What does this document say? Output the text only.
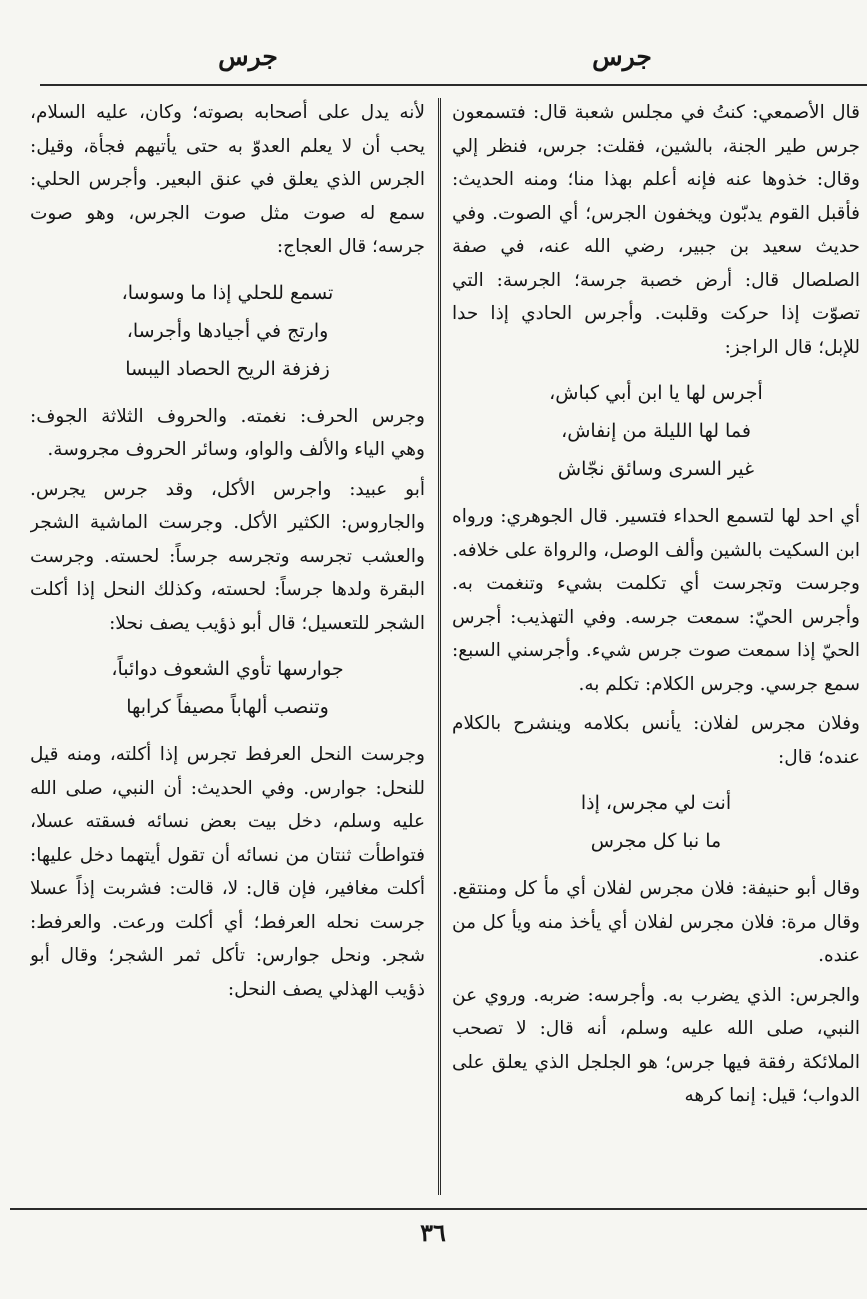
جرس
جرس

قال الأصمعي: كنتُ في مجلس شعبة قال: فتسمعون جرس طير الجنة، بالشين، فقلت: جرس، فنظر إلي وقال: خذوها عنه فإنه أعلم بهذا منا؛ ومنه الحديث: فأقبل القوم يدبّون ويخفون الجرس؛ أي الصوت. وفي حديث سعيد بن جبير، رضي الله عنه، في صفة الصلصال قال: أرض خصبة جرسة؛ الجرسة: التي تصوّت إذا حركت وقلبت. وأجرس الحادي إذا حدا للإبل؛ قال الراجز:

أجرس لها يا ابن أبي كباش،
فما لها الليلة من إنفاش،
غير السرى وسائق نجّاش

أي احد لها لتسمع الحداء فتسير. قال الجوهري: ورواه ابن السكيت بالشين وألف الوصل، والرواة على خلافه. وجرست وتجرست أي تكلمت بشيء وتنغمت به. وأجرس الحيّ: سمعت جرسه. وفي التهذيب: أجرس الحيّ إذا سمعت صوت جرس شيء. وأجرسني السبع: سمع جرسي. وجرس الكلام: تكلم به.

وفلان مجرس لفلان: يأنس بكلامه وينشرح بالكلام عنده؛ قال:

أنت لي مجرس، إذا
ما نبا كل مجرس

وقال أبو حنيفة: فلان مجرس لفلان أي مأ كل ومنتقع. وقال مرة: فلان مجرس لفلان أي يأخذ منه ويأ كل من عنده.

والجرس: الذي يضرب به. وأجرسه: ضربه. وروي عن النبي، صلى الله عليه وسلم، أنه قال: لا تصحب الملائكة رفقة فيها جرس؛ هو الجلجل الذي يعلق على الدواب؛ قيل: إنما كرهه

لأنه يدل على أصحابه بصوته؛ وكان، عليه السلام، يحب أن لا يعلم العدوّ به حتى يأتيهم فجأة، وقيل: الجرس الذي يعلق في عنق البعير. وأجرس الحلي: سمع له صوت مثل صوت الجرس، وهو صوت جرسه؛ قال العجاج:

تسمع للحلي إذا ما وسوسا،
وارتج في أجيادها وأجرسا،
زفزفة الريح الحصاد اليبسا

وجرس الحرف: نغمته. والحروف الثلاثة الجوف: وهي الياء والألف والواو، وسائر الحروف مجروسة.

أبو عبيد: واجرس الأكل، وقد جرس يجرس. والجاروس: الكثير الأكل. وجرست الماشية الشجر والعشب تجرسه وتجرسه جرساً: لحسته. وجرست البقرة ولدها جرساً: لحسته، وكذلك النحل إذا أكلت الشجر للتعسيل؛ قال أبو ذؤيب يصف نحلا:

جوارسها تأوي الشعوف دوائباً،
وتنصب ألهاباً مصيفاً كرابها

وجرست النحل العرفط تجرس إذا أكلته، ومنه قيل للنحل: جوارس. وفي الحديث: أن النبي، صلى الله عليه وسلم، دخل بيت بعض نسائه فسقته عسلا، فتواطأت ثنتان من نسائه أن تقول أيتهما دخل عليها: أكلت مغافير، فإن قال: لا، قالت: فشربت إذاً عسلا جرست نحله العرفط؛ أي أكلت ورعت. والعرفط: شجر. ونحل جوارس: تأكل ثمر الشجر؛ وقال أبو ذؤيب الهذلي يصف النحل:

٣٦
